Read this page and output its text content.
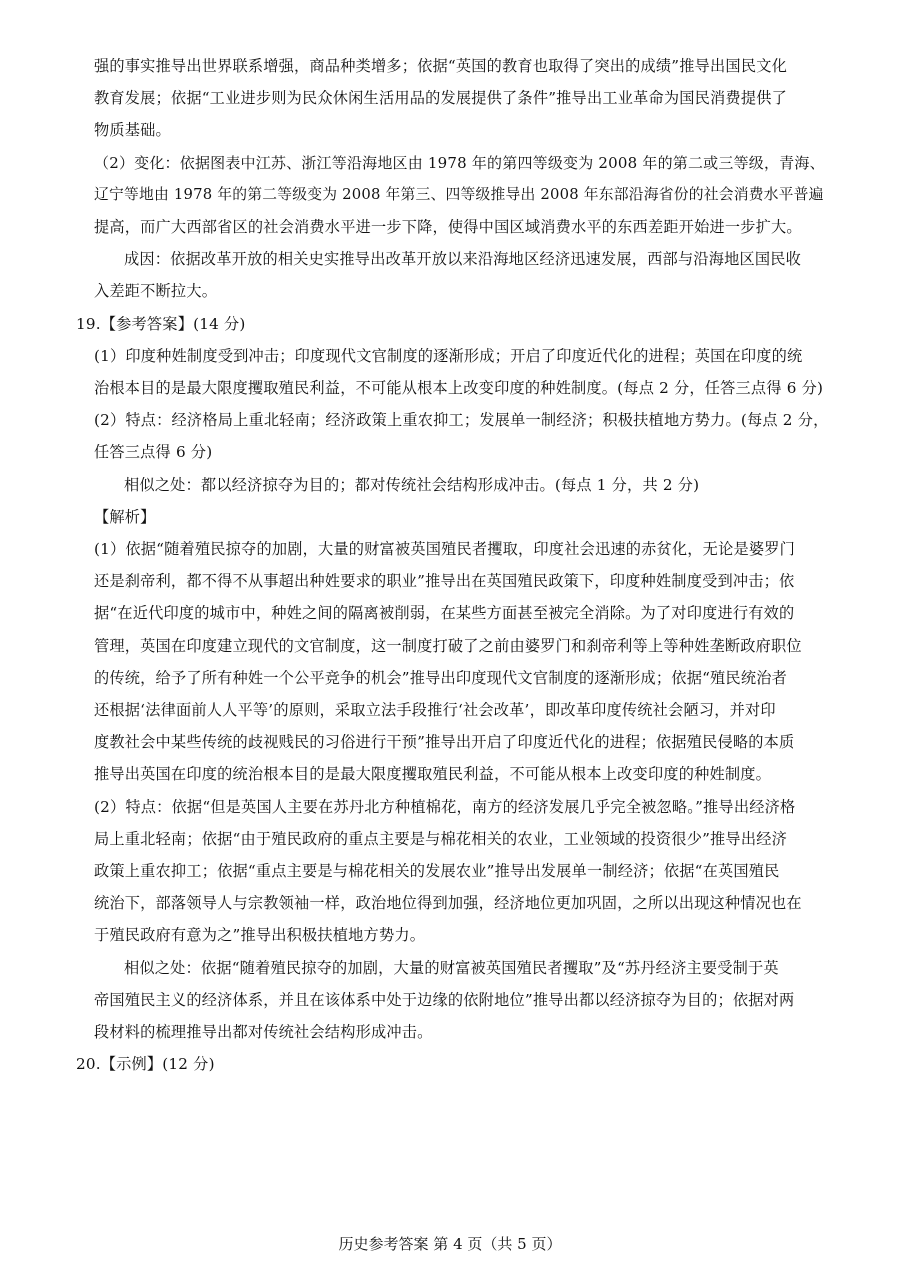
强的事实推导出世界联系增强，商品种类增多；依据“英国的教育也取得了突出的成绩”推导出国民文化
教育发展；依据“工业进步则为民众休闲生活用品的发展提供了条件”推导出工业革命为国民消费提供了
物质基础。
（2）变化：依据图表中江苏、浙江等沿海地区由 1978 年的第四等级变为 2008 年的第二或三等级，青海、
辽宁等地由 1978 年的第二等级变为 2008 年第三、四等级推导出 2008 年东部沿海省份的社会消费水平普遍
提高，而广大西部省区的社会消费水平进一步下降，使得中国区域消费水平的东西差距开始进一步扩大。
成因：依据改革开放的相关史实推导出改革开放以来沿海地区经济迅速发展，西部与沿海地区国民收
入差距不断拉大。
19.【参考答案】(14 分)
(1）印度种姓制度受到冲击；印度现代文官制度的逐渐形成；开启了印度近代化的进程；英国在印度的统
治根本目的是最大限度攫取殖民利益，不可能从根本上改变印度的种姓制度。(每点 2 分，任答三点得 6 分)
(2）特点：经济格局上重北轻南；经济政策上重农抑工；发展单一制经济；积极扶植地方势力。(每点 2 分，
任答三点得 6 分)
相似之处：都以经济掠夺为目的；都对传统社会结构形成冲击。(每点 1 分，共 2 分)
【解析】
(1）依据“随着殖民掠夺的加剧，大量的财富被英国殖民者攫取，印度社会迅速的赤贫化，无论是婆罗门
还是刹帝利，都不得不从事超出种姓要求的职业”推导出在英国殖民政策下，印度种姓制度受到冲击；依
据“在近代印度的城市中，种姓之间的隔离被削弱，在某些方面甚至被完全消除。为了对印度进行有效的
管理，英国在印度建立现代的文官制度，这一制度打破了之前由婆罗门和刹帝利等上等种姓垄断政府职位
的传统，给予了所有种姓一个公平竞争的机会”推导出印度现代文官制度的逐渐形成；依据“殖民统治者
还根据‘法律面前人人平等’的原则，采取立法手段推行‘社会改革’，即改革印度传统社会陋习，并对印
度教社会中某些传统的歧视贱民的习俗进行干预”推导出开启了印度近代化的进程；依据殖民侵略的本质
推导出英国在印度的统治根本目的是最大限度攫取殖民利益，不可能从根本上改变印度的种姓制度。
(2）特点：依据“但是英国人主要在苏丹北方种植棉花，南方的经济发展几乎完全被忽略。”推导出经济格
局上重北轻南；依据“由于殖民政府的重点主要是与棉花相关的农业，工业领域的投资很少”推导出经济
政策上重农抑工；依据“重点主要是与棉花相关的发展农业”推导出发展单一制经济；依据“在英国殖民
统治下，部落领导人与宗教领袖一样，政治地位得到加强，经济地位更加巩固，之所以出现这种情况也在
于殖民政府有意为之”推导出积极扶植地方势力。
相似之处：依据“随着殖民掠夺的加剧，大量的财富被英国殖民者攫取”及“苏丹经济主要受制于英
帝国殖民主义的经济体系，并且在该体系中处于边缘的依附地位”推导出都以经济掠夺为目的；依据对两
段材料的梳理推导出都对传统社会结构形成冲击。
20.【示例】(12 分)
历史参考答案 第 4 页（共 5 页）
